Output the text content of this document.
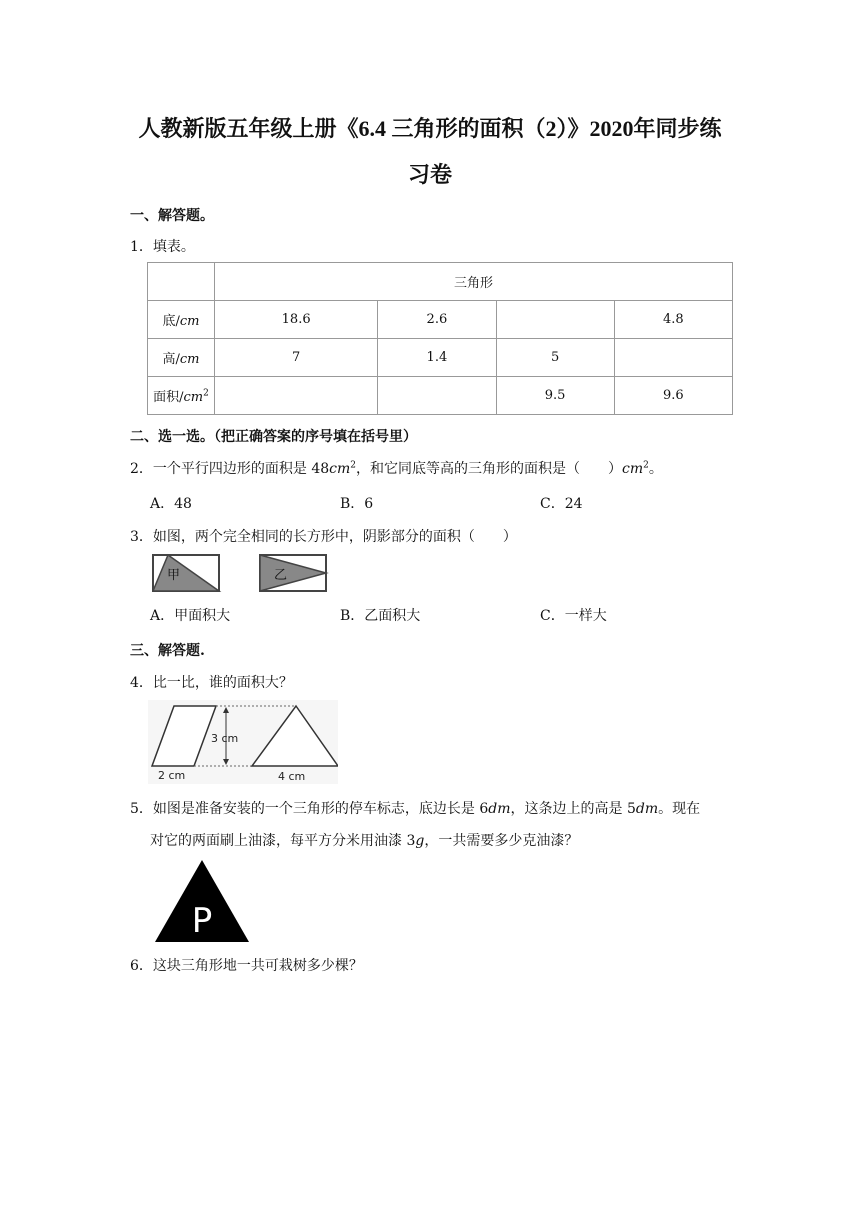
人教新版五年级上册《6.4 三角形的面积（2）》2020年同步练
习卷
一、解答题。
1．填表。
	三角形			
底/cm	18.6	2.6		4.8
高/cm	7	1.4	5	
面积$/cm^2$			9.5	9.6
二、选一选。（把正确答案的序号填在括号里）
2．一个平行四边形的面积是 $48cm^2$，和它同底等高的三角形的面积是（　　）$cm^2$。
A．48	B．6	C．24
3．如图，两个完全相同的长方形中，阴影部分的面积（　　）
甲	乙
A．甲面积大	B．乙面积大	C．一样大
三、解答题.
4．比一比，谁的面积大？
3 cm
2 cm	4 cm
5．如图是准备安装的一个三角形的停车标志，底边长是 6dm，这条边上的高是 5dm。现在
对它的两面刷上油漆，每平方分米用油漆 3g，一共需要多少克油漆？
P
6．这块三角形地一共可栽树多少棵？
